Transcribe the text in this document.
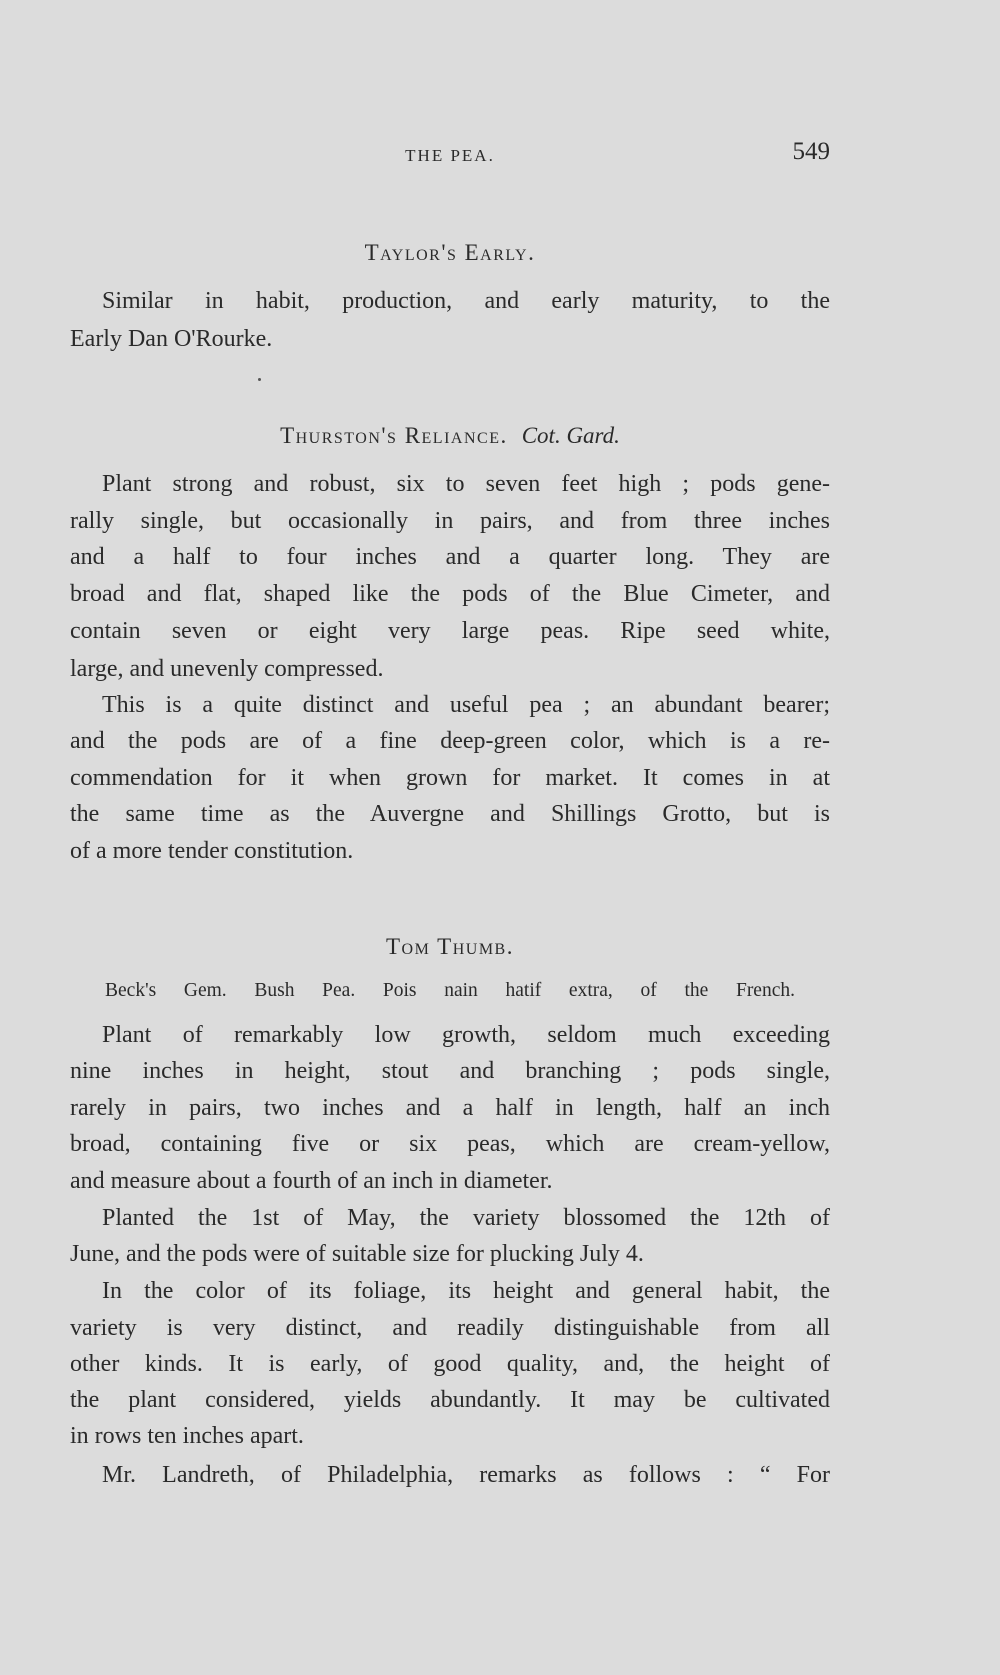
THE PEA.	549
Taylor's Early.
Similar in habit, production, and early maturity, to the
Early Dan O'Rourke.
Thurston's Reliance. Cot. Gard.
Plant strong and robust, six to seven feet high ; pods gene-
rally single, but occasionally in pairs, and from three inches
and a half to four inches and a quarter long. They are
broad and flat, shaped like the pods of the Blue Cimeter, and
contain seven or eight very large peas. Ripe seed white,
large, and unevenly compressed.
This is a quite distinct and useful pea ; an abundant bearer;
and the pods are of a fine deep-green color, which is a re-
commendation for it when grown for market. It comes in at
the same time as the Auvergne and Shillings Grotto, but is
of a more tender constitution.
Tom Thumb.
Beck's Gem. Bush Pea. Pois nain hatif extra, of the French.
Plant of remarkably low growth, seldom much exceeding
nine inches in height, stout and branching ; pods single,
rarely in pairs, two inches and a half in length, half an inch
broad, containing five or six peas, which are cream-yellow,
and measure about a fourth of an inch in diameter.
Planted the 1st of May, the variety blossomed the 12th of
June, and the pods were of suitable size for plucking July 4.
In the color of its foliage, its height and general habit, the
variety is very distinct, and readily distinguishable from all
other kinds. It is early, of good quality, and, the height of
the plant considered, yields abundantly. It may be cultivated
in rows ten inches apart.
Mr. Landreth, of Philadelphia, remarks as follows : “ For
